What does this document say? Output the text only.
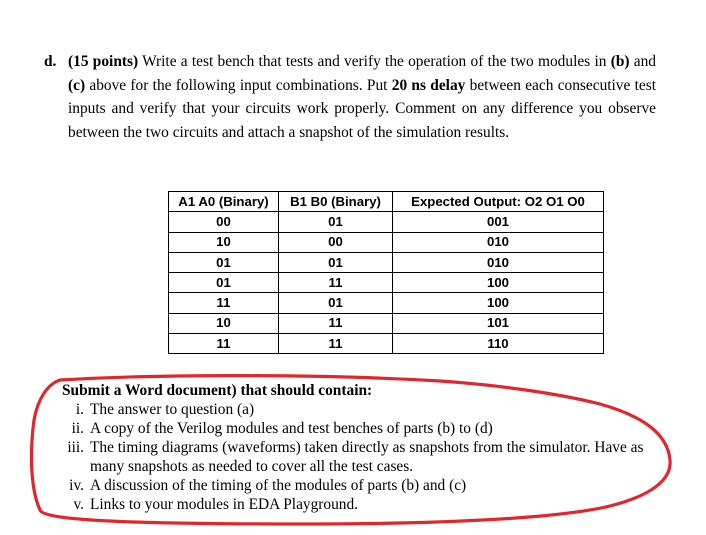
d. (15 points) Write a test bench that tests and verify the operation of the two modules in (b) and (c) above for the following input combinations. Put 20 ns delay between each consecutive test inputs and verify that your circuits work properly. Comment on any difference you observe between the two circuits and attach a snapshot of the simulation results.
A1 A0 (Binary)	B1 B0 (Binary)	Expected Output: O2 O1 O0
00	01	001
10	00	010
01	01	010
01	11	100
11	01	100
10	11	101
11	11	110
Submit a Word document) that should contain:
i. The answer to question (a)
ii. A copy of the Verilog modules and test benches of parts (b) to (d)
iii. The timing diagrams (waveforms) taken directly as snapshots from the simulator. Have as many snapshots as needed to cover all the test cases.
iv. A discussion of the timing of the modules of parts (b) and (c)
v. Links to your modules in EDA Playground.
